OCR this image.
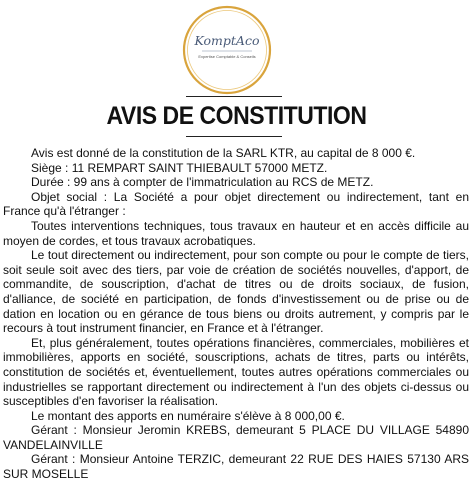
KomptAco
Expertise Comptable & Conseils
AVIS DE CONSTITUTION

Avis est donné de la constitution de la SARL KTR, au capital de 8 000 €.

Siège : 11 REMPART SAINT THIEBAULT 57000 METZ.

Durée : 99 ans à compter de l'immatriculation au RCS de METZ.

Objet social : La Société a pour objet directement ou indirectement, tant en France qu'à l'étranger :

Toutes interventions techniques, tous travaux en hauteur et en accès difficile au moyen de cordes, et tous travaux acrobatiques.

Le tout directement ou indirectement, pour son compte ou pour le compte de tiers, soit seule soit avec des tiers, par voie de création de sociétés nouvelles, d'apport, de commandite, de souscription, d'achat de titres ou de droits sociaux, de fusion, d'alliance, de société en participation, de fonds d'investissement ou de prise ou de dation en location ou en gérance de tous biens ou droits autrement, y compris par le recours à tout instrument financier, en France et à l'étranger.

Et, plus généralement, toutes opérations financières, commerciales, mobilières et immobilières, apports en société, souscriptions, achats de titres, parts ou intérêts, constitution de sociétés et, éventuellement, toutes autres opérations commerciales ou industrielles se rapportant directement ou indirectement à l'un des objets ci-dessus ou susceptibles d'en favoriser la réalisation.

Le montant des apports en numéraire s'élève à 8 000,00 €.

Gérant : Monsieur Jeromin KREBS, demeurant 5 PLACE DU VILLAGE 54890 VANDELAINVILLE

Gérant : Monsieur Antoine TERZIC, demeurant 22 RUE DES HAIES 57130 ARS SUR MOSELLE
